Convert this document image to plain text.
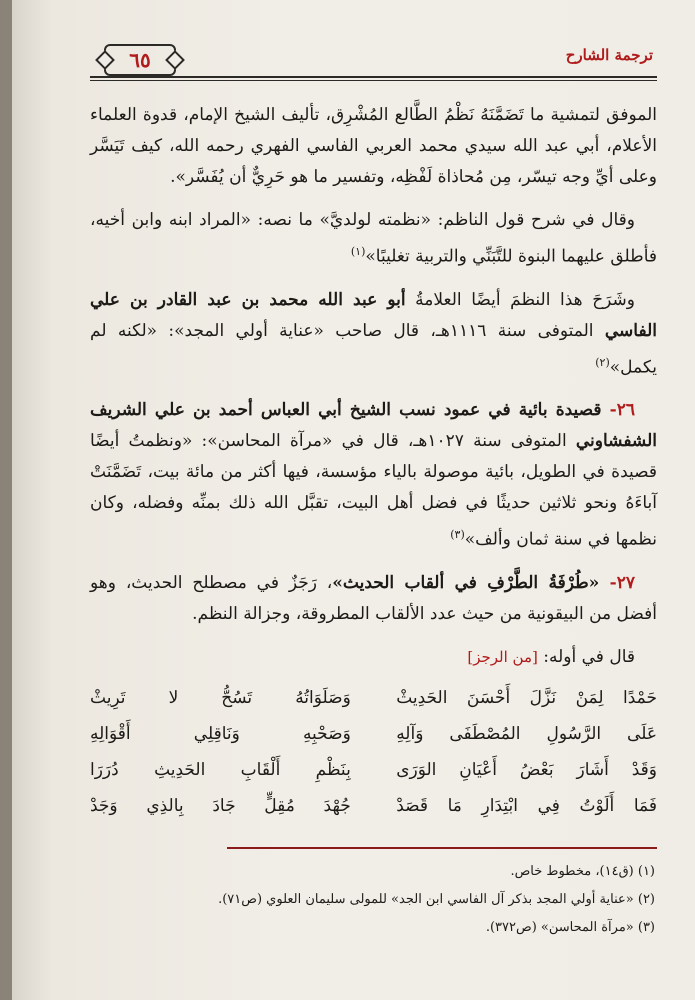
٦٥	ترجمة الشارح

الموفق لتمشية ما تَضَمَّنَهُ نَظْمُ الطَّالع المُشْرِق، تأليف الشيخ الإمام، قدوة العلماء الأعلام، أبي عبد الله سيدي محمد العربي الفاسي الفهري رحمه الله، كيف تَيَسَّر وعلى أيِّ وجه تيسّر، مِن مُحاذاة لَفْظِه، وتفسير ما هو حَرِيٌّ أن يُفَسَّر».

وقال في شرح قول الناظم: «نظمته لولديَّ» ما نصه: «المراد ابنه وابن أخيه، فأطلق عليهما البنوة للتَّبَنِّي والتربية تغليبًا»$^{(١)}$

وشَرَحَ هذا النظمَ أيضًا العلامةُ أبو عبد الله محمد بن عبد القادر بن علي الفاسي المتوفى سنة ١١١٦هـ، قال صاحب «عناية أولي المجد»: «لكنه لم يكمل»$^{(٢)}$

٢٦- قصيدة بائية في عمود نسب الشيخ أبي العباس أحمد بن علي الشريف الشفشاوني المتوفى سنة ١٠٢٧هـ، قال في «مرآة المحاسن»: «ونظمتُ أيضًا قصيدة في الطويل، بائية موصولة بالياء مؤسسة، فيها أكثر من مائة بيت، تَضَمَّنَتْ آباءَهُ ونحو ثلاثين حديثًا في فضل أهل البيت، تقبَّل الله ذلك بمنِّه وفضله، وكان نظمها في سنة ثمان وألف»$^{(٣)}$

٢٧- «طُرْفَةُ الطَّرْفِ في ألقاب الحديث»، رَجَزٌ في مصطلح الحديث، وهو أفضل من البيقونية من حيث عدد الألقاب المطروقة، وجزالة النظم.

قال في أوله: [من الرجز]

حَمْدًا لِمَنْ نَزَّلَ أَحْسَنَ الحَدِيثْ
وَصَلَوَاتُهُ تَسُحُّ لا تَرِيثْ
عَلَى الرَّسُولِ المُصْطَفَى وَآلِهِ
وَصَحْبِهِ وَنَاقِلِي أَقْوَالِهِ
وَقَدْ أَشَارَ بَعْضُ أَعْيَانِ الوَرَى
بِنَظْمِ أَلْقَابِ الحَدِيثِ دُرَرَا
فَمَا أَلَوْتُ فِي ابْتِدَارِ مَا قَصَدْ
جُهْدَ مُقِلٍّ جَادَ بِالذِي وَجَدْ
(١) (ق١٤)، مخطوط خاص.
(٢) «عناية أولي المجد بذكر آل الفاسي ابن الجد» للمولى سليمان العلوي (ص٧١).
(٣) «مرآة المحاسن» (ص٣٧٢).
